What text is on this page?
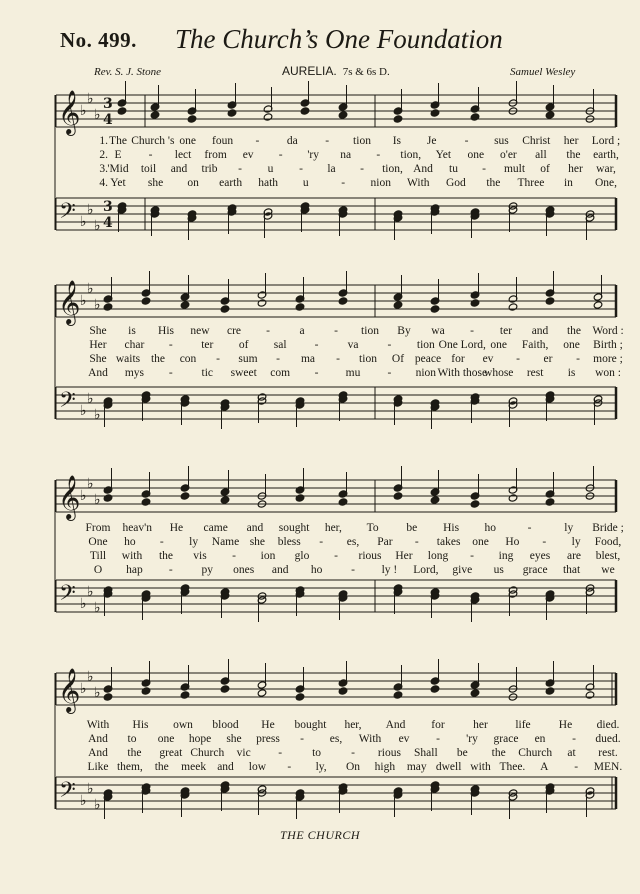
No. 499. The Church’s One Foundation
Rev. S. J. Stone	AURELIA. 7s & 6s D.	Samuel Wesley
𝄞 ♭
♭
♭
3
4
𝄢 ♭
♭
♭
3
4
𝄞 ♭
♭
♭
𝄢 ♭
♭
♭
𝄞 ♭
♭
♭
𝄢 ♭
♭
♭
𝄞 ♭
♭
♭
𝄢 ♭
♭
♭
The Church 's one foun - da - tion Is Je - sus Christ her Lord ;
1.
E - lect from ev - 'ry na - tion, Yet one o'er all the earth,
2.
'Mid toil and trib - u - la - tion, And tu - mult of her war,
3.
Yet she on earth hath u	- nion With God the Three in One,
4.
She is His new cre -	a	- tion By wa - ter and the Word :
Her char - ter of sal -	va	- tion One Lord, one Faith, one Birth ;
She waits the con - sum - ma - tion Of peace for ev - er - more ;
And mys -	tic sweet com - mu - nion With those
whose rest is won :
From heav'n He came and sought her, To be His ho	-	ly Bride ;
One ho - ly Name she bless - es, Par - takes one Ho - ly Food,
Till with the vis - ion glo - rious Her long - ing eyes are blest,
O hap -	py ones and ho	- ly ! Lord, give us grace that we
With His own blood He bought her, And for her life He died.
And to one hope she press - es, With ev - 'ry grace en - dued.
And the great Church vic -	to	- rious Shall be the Church at rest.
Like them, the meek and low - ly, On high may dwell with Thee. A - MEN.
THE CHURCH
